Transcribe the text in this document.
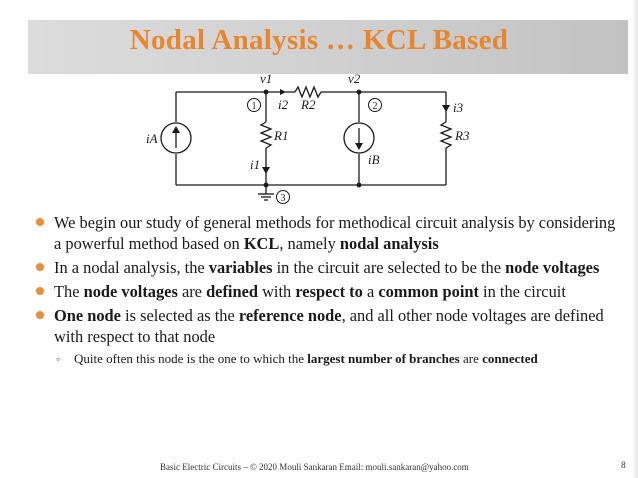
Nodal Analysis … KCL Based
1	2
3
v1	v2
i2 R2	i3
R3
iA	R1
i1	iB
We begin our study of general methods for methodical circuit analysis by considering a powerful method based on KCL, namely nodal analysis
In a nodal analysis, the variables in the circuit are selected to be the node voltages
The node voltages are defined with respect to a common point in the circuit
One node is selected as the reference node, and all other node voltages are defined with respect to that node
◦ Quite often this node is the one to which the largest number of branches are connected
Basic Electric Circuits – © 2020 Mouli Sankaran Email: mouli.sankaran@yahoo.com	8
